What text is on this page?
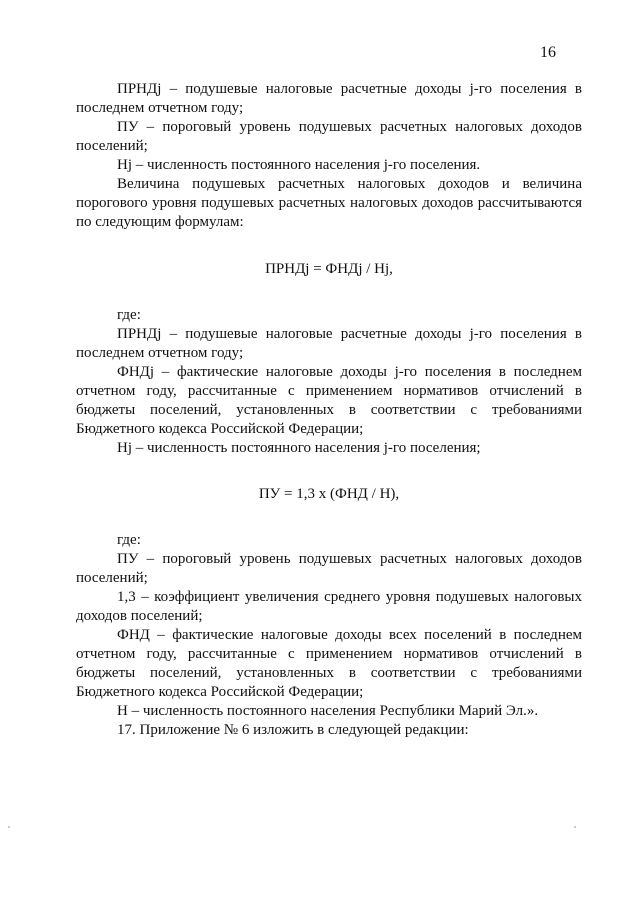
16

ПРНДj – подушевые налоговые расчетные доходы j-го поселения в последнем отчетном году;

ПУ – пороговый уровень подушевых расчетных налоговых доходов поселений;

Нj – численность постоянного населения j-го поселения.

Величина подушевых расчетных налоговых доходов и величина порогового уровня подушевых расчетных налоговых доходов рассчитываются по следующим формулам:

ПРНДj = ФНДj / Нj,

где:

ПРНДj – подушевые налоговые расчетные доходы j-го поселения в последнем отчетном году;

ФНДj – фактические налоговые доходы j-го поселения в последнем отчетном году, рассчитанные с применением нормативов отчислений в бюджеты поселений, установленных в соответствии с требованиями Бюджетного кодекса Российской Федерации;

Нj – численность постоянного населения j-го поселения;

ПУ = 1,3 х (ФНД / Н),

где:

ПУ – пороговый уровень подушевых расчетных налоговых доходов поселений;

1,3 – коэффициент увеличения среднего уровня подушевых налоговых доходов поселений;

ФНД – фактические налоговые доходы всех поселений в последнем отчетном году, рассчитанные с применением нормативов отчислений в бюджеты поселений, установленных в соответствии с требованиями Бюджетного кодекса Российской Федерации;

Н – численность постоянного населения Республики Марий Эл.».

17. Приложение № 6 изложить в следующей редакции:
